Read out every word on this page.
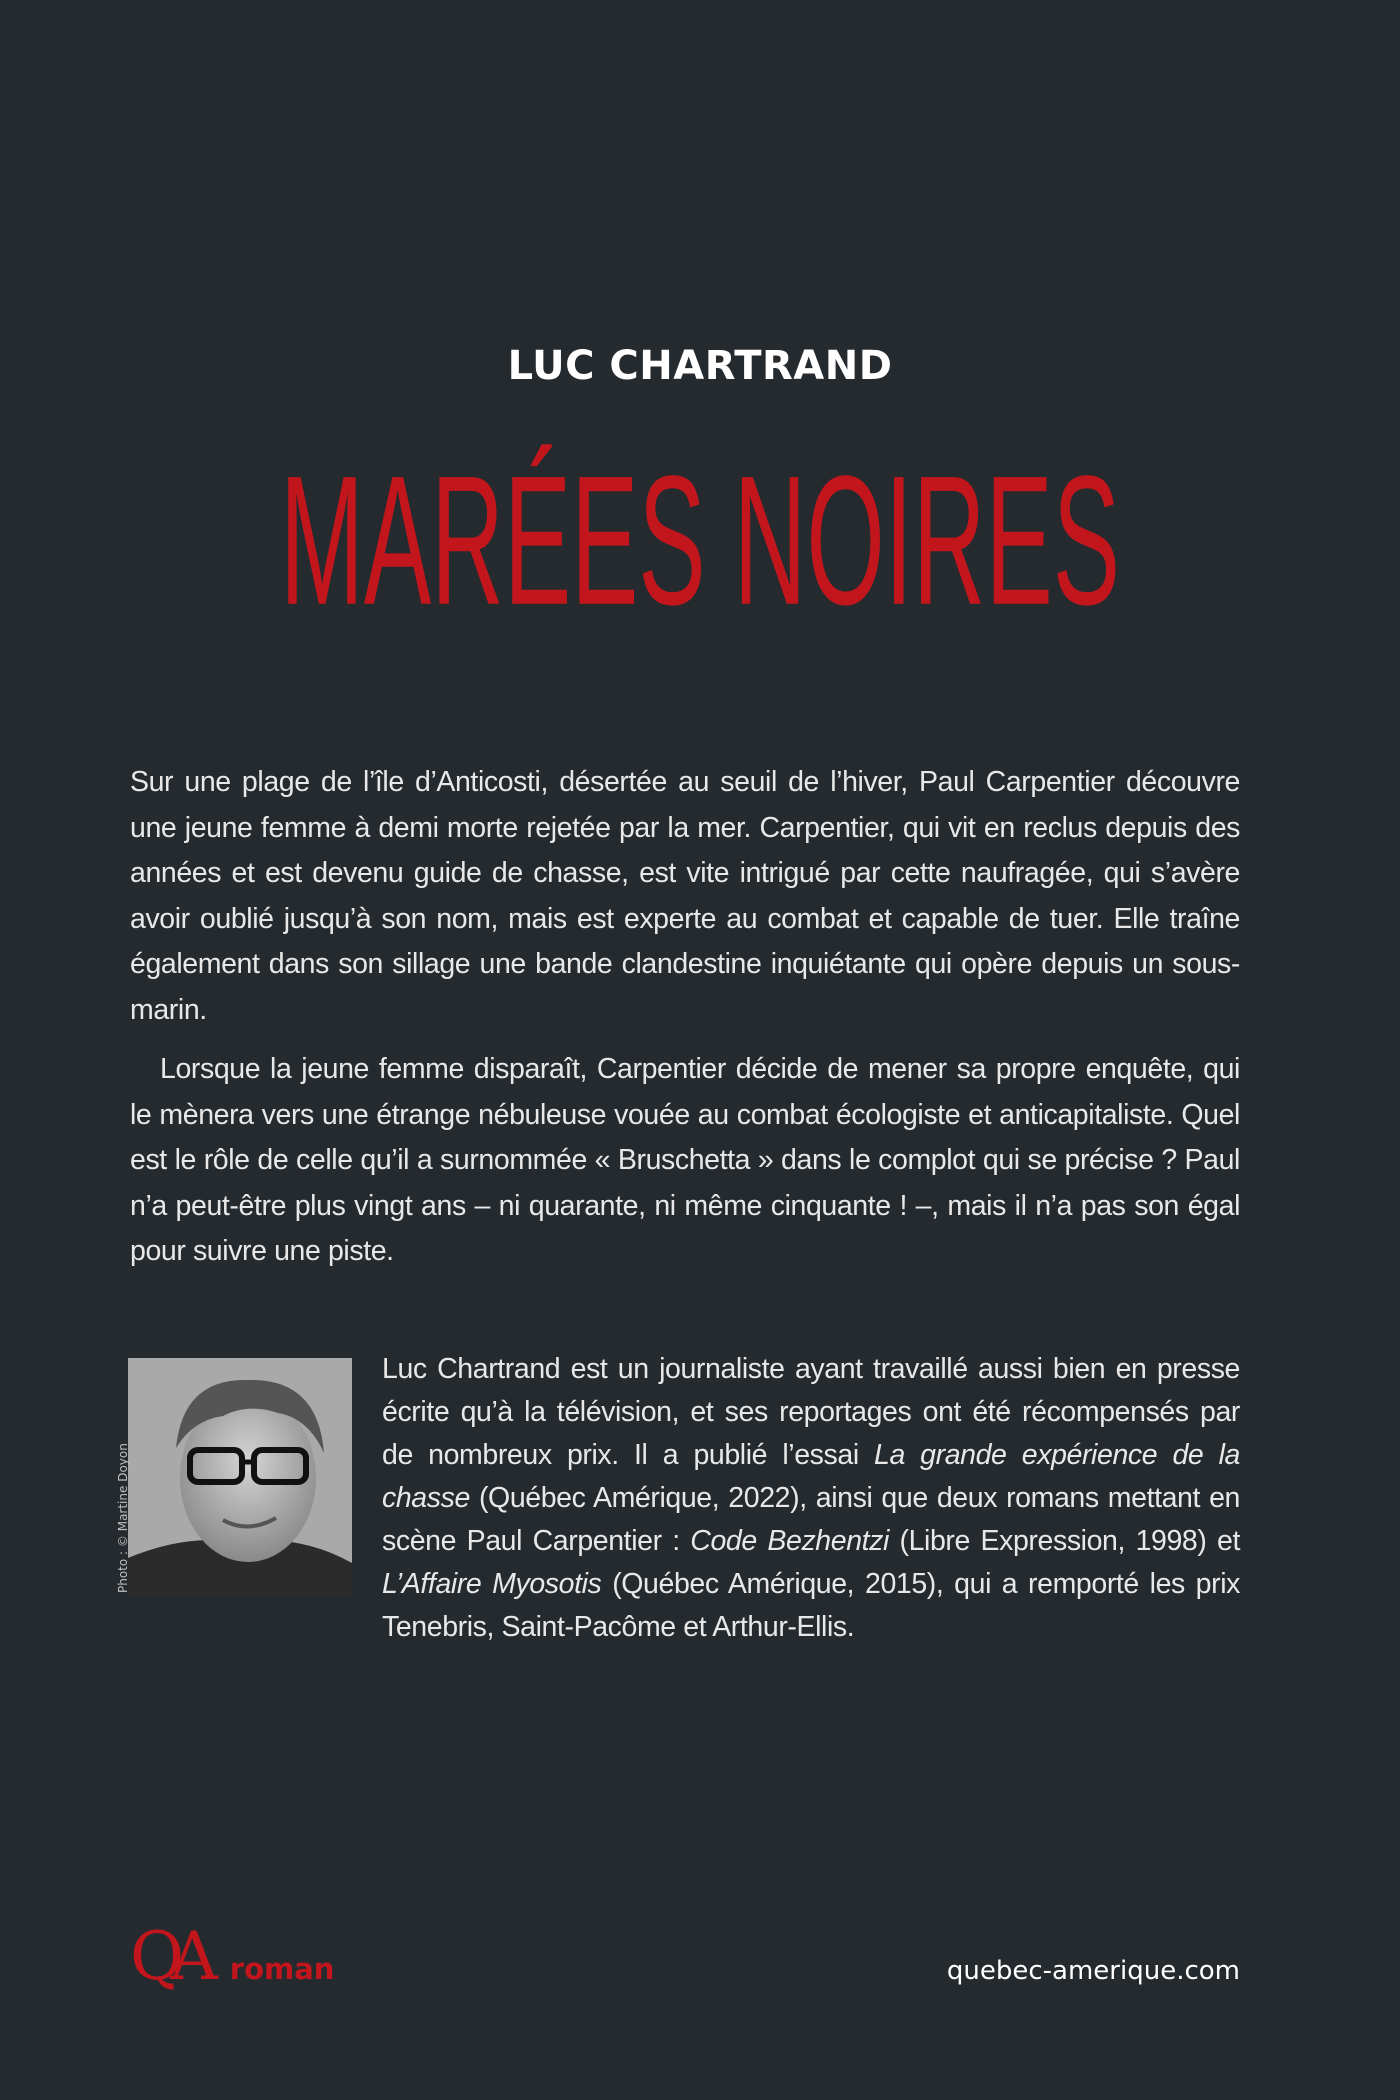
LUC CHARTRAND
MARÉES NOIRES

Sur une plage de l’île d’Anticosti, désertée au seuil de l’hiver, Paul Carpentier découvre une jeune femme à demi morte rejetée par la mer. Carpentier, qui vit en reclus depuis des années et est devenu guide de chasse, est vite intrigué par cette naufragée, qui s’avère avoir oublié jusqu’à son nom, mais est experte au combat et capable de tuer. Elle traîne également dans son sillage une bande clandestine inquiétante qui opère depuis un sous-marin.

Lorsque la jeune femme disparaît, Carpentier décide de mener sa propre enquête, qui le mènera vers une étrange nébuleuse vouée au combat écologiste et anticapitaliste. Quel est le rôle de celle qu’il a surnommée « Bruschetta » dans le complot qui se précise ? Paul n’a peut-être plus vingt ans – ni quarante, ni même cinquante ! –, mais il n’a pas son égal pour suivre une piste.

Photo : © Martine Doyon
Luc Chartrand est un journaliste ayant travaillé aussi bien en presse écrite qu’à la télévision, et ses reportages ont été récompensés par de nombreux prix. Il a publié l’essai La grande expérience de la chasse (Québec Amérique, 2022), ainsi que deux romans mettant en scène Paul Carpentier : Code Bezhentzi (Libre Expression, 1998) et L’Affaire Myosotis (Québec Amérique, 2015), qui a remporté les prix Tenebris, Saint-Pacôme et Arthur-Ellis.
QA roman	quebec-amerique.com
